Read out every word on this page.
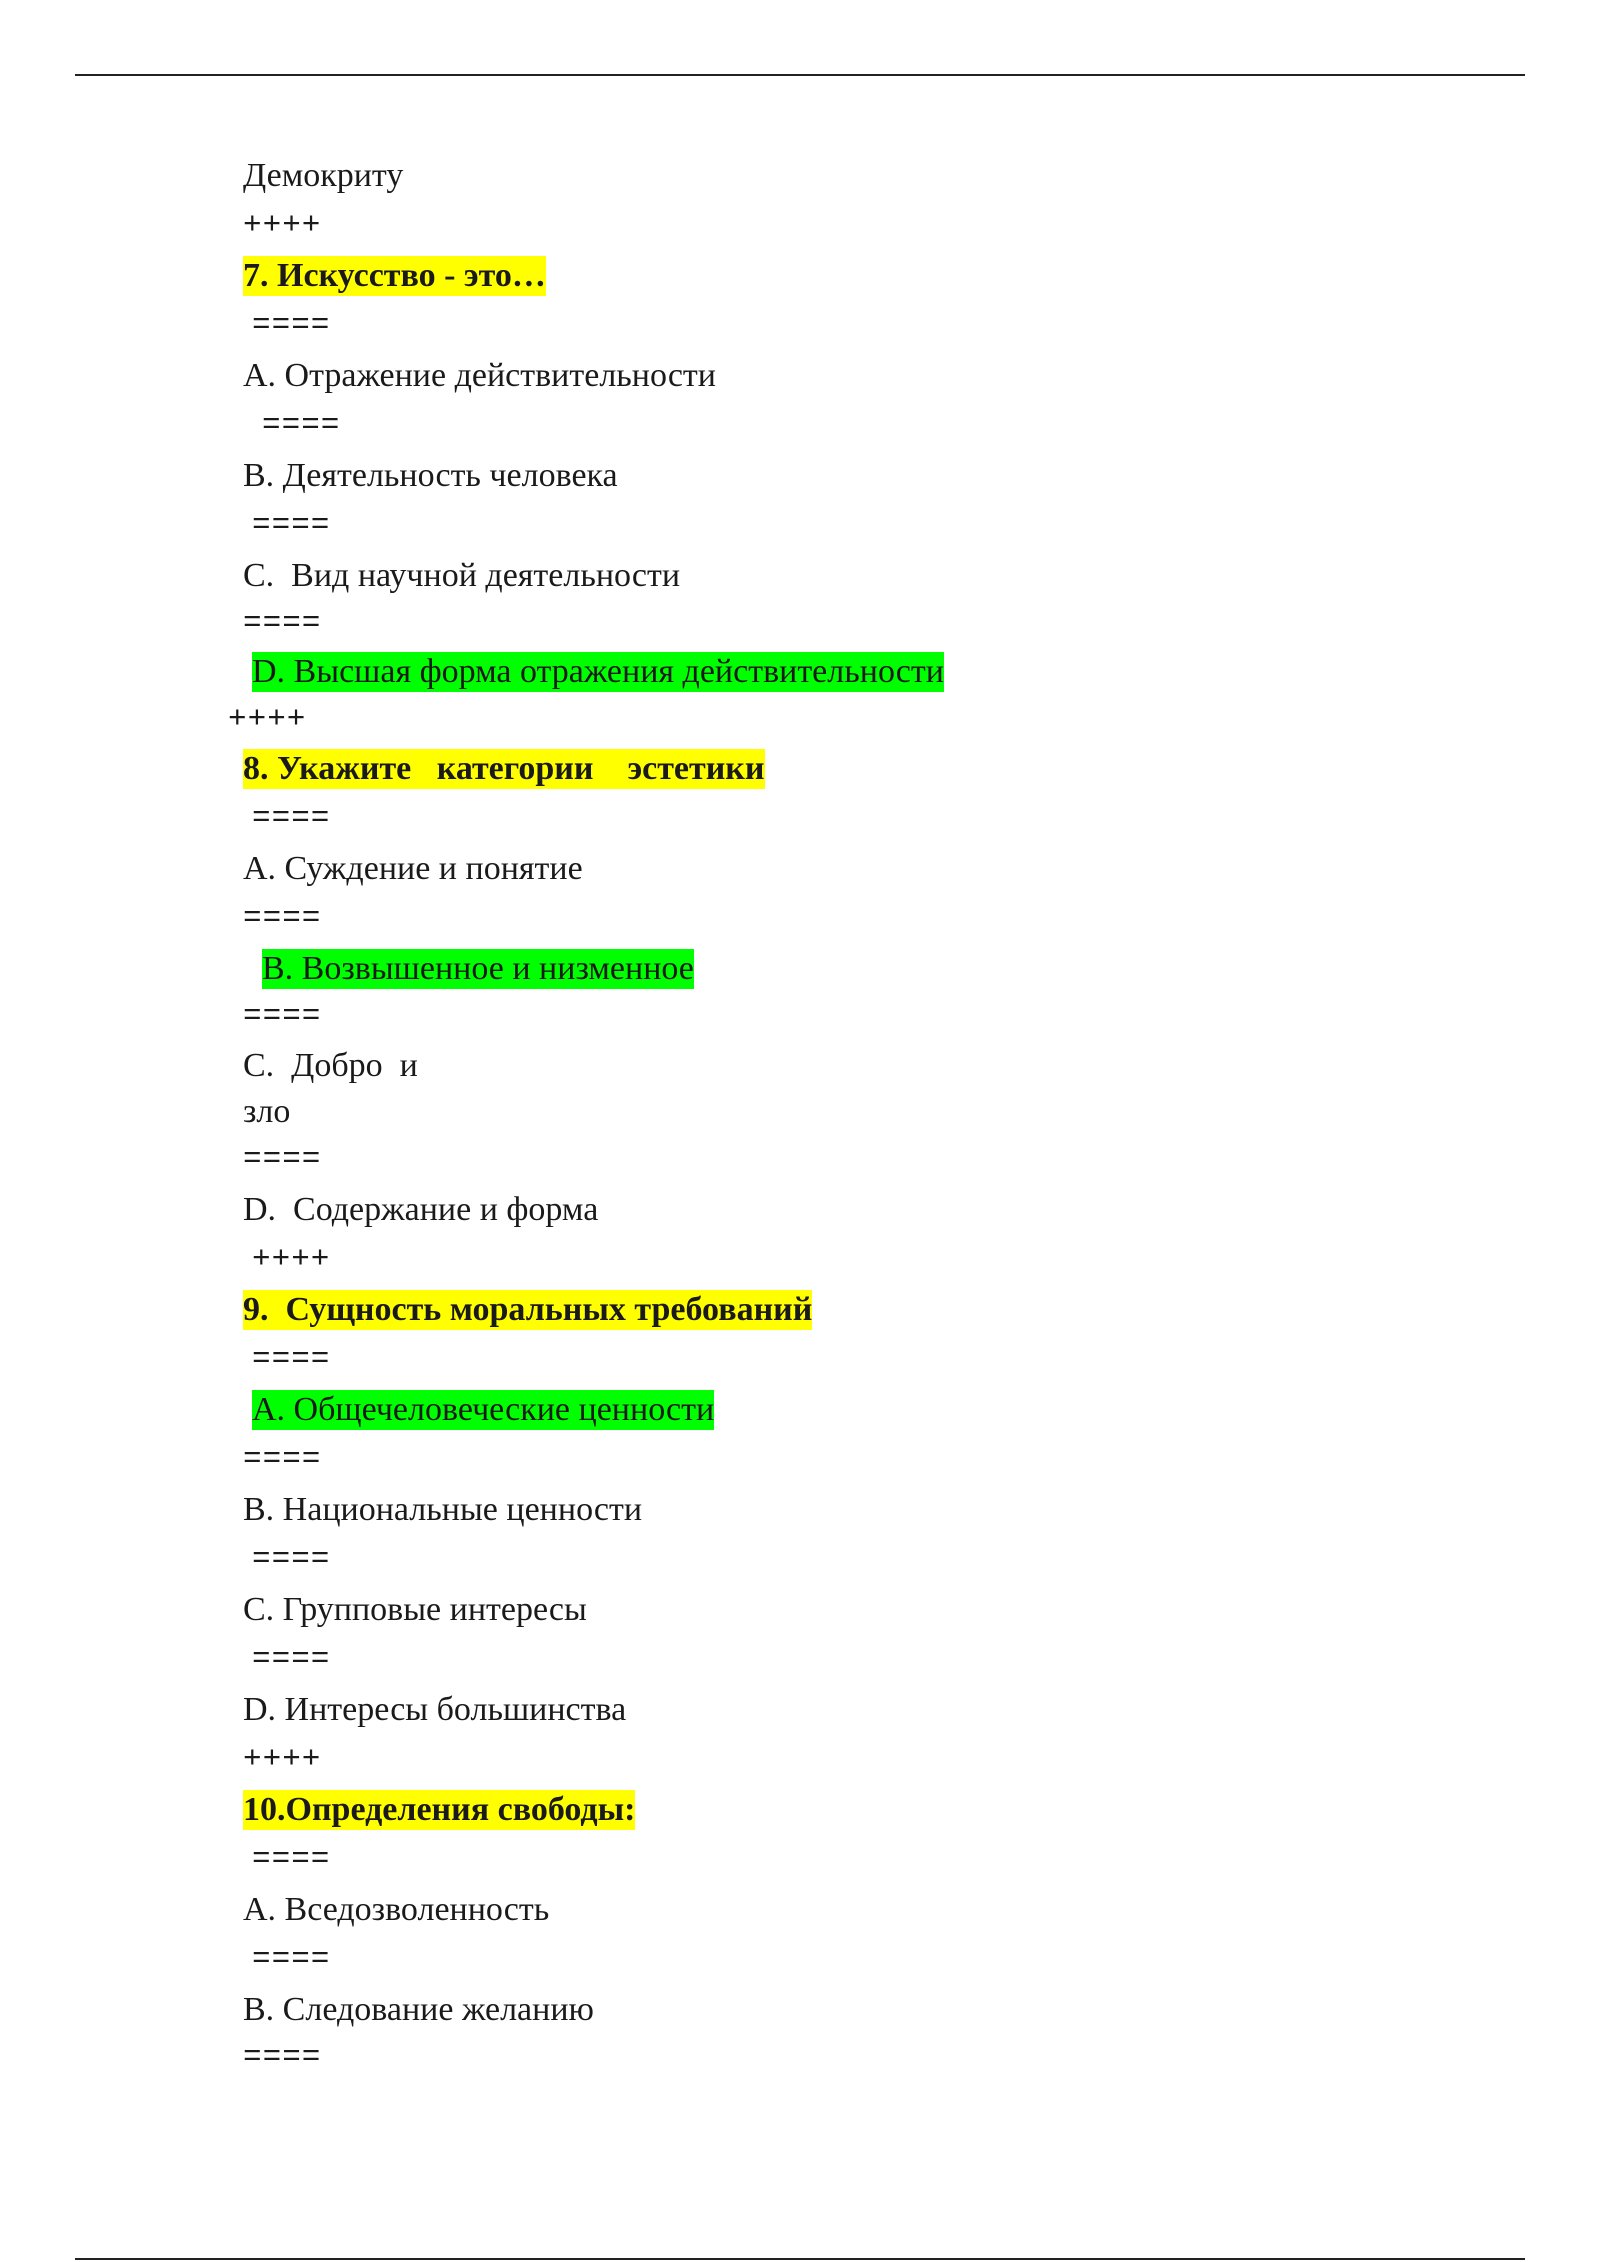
Демокриту
++++
7. Искусство - это…
====
A. Отражение действительности
====
B. Деятельность человека
====
C.  Вид научной деятельности
====
D. Высшая форма отражения действительности
++++
8. Укажите   категории    эстетики
====
A. Суждение и понятие
====
B. Возвышенное и низменное
====
C.  Добро  и
зло
====
D.  Содержание и форма
++++
9.  Сущность моральных требований
====
A. Общечеловеческие ценности
====
B. Национальные ценности
====
C. Групповые интересы
====
D. Интересы большинства
++++
10.Определения свободы:
====
A. Вседозволенность
====
B. Следование желанию
====
